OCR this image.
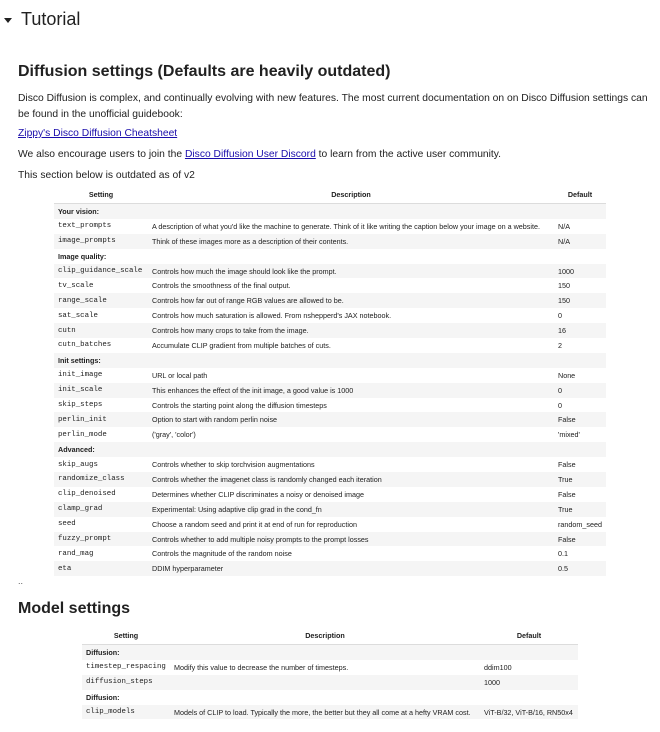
Tutorial
Diffusion settings (Defaults are heavily outdated)

Disco Diffusion is complex, and continually evolving with new features. The most current documentation on on Disco Diffusion settings can be found in the unofficial guidebook:

Zippy's Disco Diffusion Cheatsheet

We also encourage users to join the Disco Diffusion User Discord to learn from the active user community.

This section below is outdated as of v2

Setting	Description	Default
Your vision:		
text_prompts	A description of what you'd like the machine to generate. Think of it like writing the caption below your image on a website.	N/A
image_prompts	Think of these images more as a description of their contents.	N/A
Image quality:		
clip_guidance_scale	Controls how much the image should look like the prompt.	1000
tv_scale	Controls the smoothness of the final output.	150
range_scale	Controls how far out of range RGB values are allowed to be.	150
sat_scale	Controls how much saturation is allowed. From nshepperd's JAX notebook.	0
cutn	Controls how many crops to take from the image.	16
cutn_batches	Accumulate CLIP gradient from multiple batches of cuts.	2
Init settings:		
init_image	URL or local path	None
init_scale	This enhances the effect of the init image, a good value is 1000	0
skip_steps	Controls the starting point along the diffusion timesteps	0
perlin_init	Option to start with random perlin noise	False
perlin_mode	('gray', 'color')	'mixed'
Advanced:		
skip_augs	Controls whether to skip torchvision augmentations	False
randomize_class	Controls whether the imagenet class is randomly changed each iteration	True
clip_denoised	Determines whether CLIP discriminates a noisy or denoised image	False
clamp_grad	Experimental: Using adaptive clip grad in the cond_fn	True
seed	Choose a random seed and print it at end of run for reproduction	random_seed
fuzzy_prompt	Controls whether to add multiple noisy prompts to the prompt losses	False
rand_mag	Controls the magnitude of the random noise	0.1
eta	DDIM hyperparameter	0.5
..
Model settings
Setting	Description	Default
Diffusion:		
timestep_respacing	Modify this value to decrease the number of timesteps.	ddim100
diffusion_steps		1000
Diffusion:		
clip_models	Models of CLIP to load. Typically the more, the better but they all come at a hefty VRAM cost.	ViT-B/32, ViT-B/16, RN50x4
